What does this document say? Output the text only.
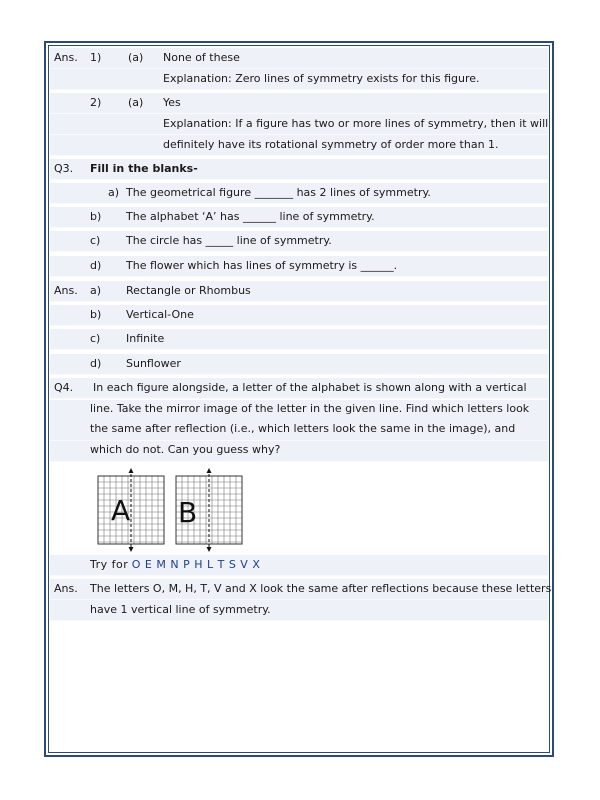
Ans. 1) (a) None of these
Explanation: Zero lines of symmetry exists for this figure.
2) (a) Yes
Explanation: If a figure has two or more lines of symmetry, then it will
definitely have its rotational symmetry of order more than 1.
Q3. Fill in the blanks-
a) The geometrical figure _______ has 2 lines of symmetry.
b) The alphabet ‘A’ has ______ line of symmetry.
c) The circle has _____ line of symmetry.
d) The flower which has lines of symmetry is ______.
Ans. a) Rectangle or Rhombus
b) Vertical-One
c) Infinite
d) Sunflower
Q4. In each figure alongside, a letter of the alphabet is shown along with a vertical line. Take the mirror image of the letter in the given line. Find which letters look the same after reflection (i.e., which letters look the same in the image), and which do not. Can you guess why?
A B
Try for O E M N P H L T S V X
Ans. The letters O, M, H, T, V and X look the same after reflections because these letters
have 1 vertical line of symmetry.
